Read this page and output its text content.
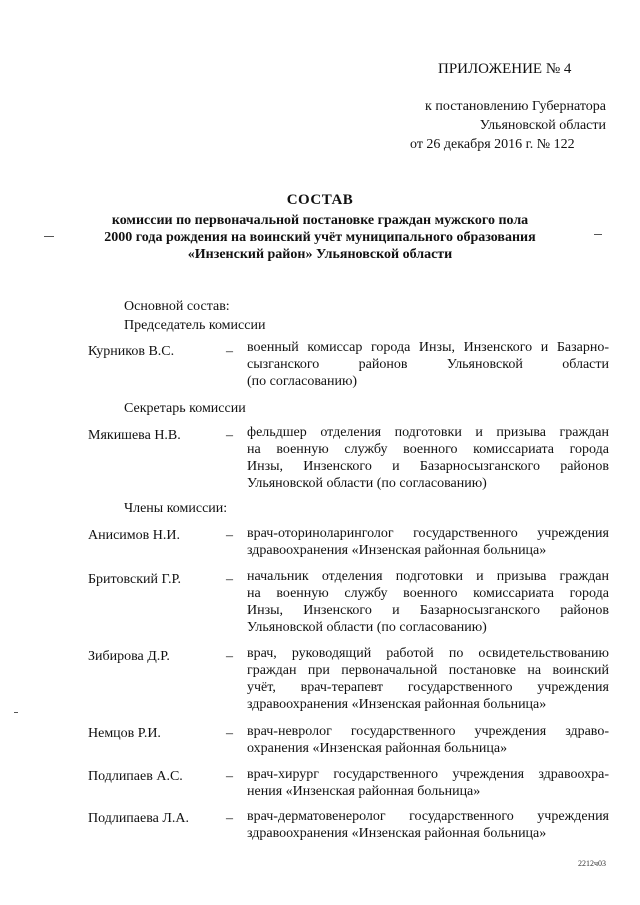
ПРИЛОЖЕНИЕ № 4
к постановлению Губернатора
Ульяновской области
от 26 декабря 2016 г. № 122
СОСТАВ
комиссии по первоначальной постановке граждан мужского пола
2000 года рождения на воинский учёт муниципального образования
«Инзенский район» Ульяновской области
Основной состав:
Председатель комиссии
Курников В.С.	– военный комиссар города Инзы, Инзенского и Базарно-
сызганского районов Ульяновской области
(по согласованию)
Секретарь комиссии
Мякишева Н.В.	– фельдшер отделения подготовки и призыва граждан
на военную службу военного комиссариата города
Инзы, Инзенского и Базарносызганского районов
Ульяновской области (по согласованию)
Члены комиссии:
Анисимов Н.И.	– врач-оториноларинголог государственного учреждения
здравоохранения «Инзенская районная больница»
Бритовский Г.Р.	– начальник отделения подготовки и призыва граждан
на военную службу военного комиссариата города
Инзы, Инзенского и Базарносызганского районов
Ульяновской области (по согласованию)
Зибирова Д.Р.	– врач, руководящий работой по освидетельствованию
граждан при первоначальной постановке на воинский
учёт, врач-терапевт государственного учреждения
здравоохранения «Инзенская районная больница»
Немцов Р.И.	– врач-невролог государственного учреждения здраво-
охранения «Инзенская районная больница»
Подлипаев А.С.	– врач-хирург государственного учреждения здравоохра-
нения «Инзенская районная больница»
Подлипаева Л.А.	– врач-дерматовенеролог государственного учреждения
здравоохранения «Инзенская районная больница»
2212ч03
